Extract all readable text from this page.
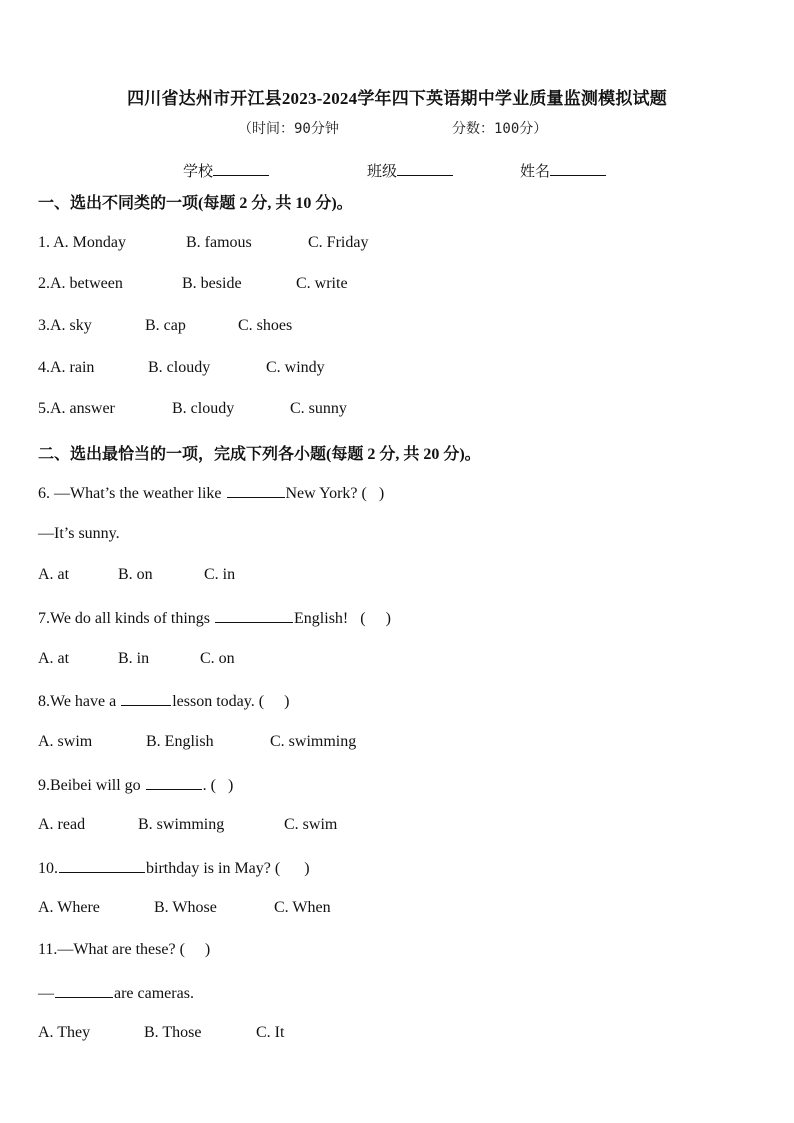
四川省达州市开江县2023-2024学年四下英语期中学业质量监测模拟试题
（时间：90分钟	分数：100分）
学校	班级	姓名
一、选出不同类的一项(每题 2 分, 共 10 分)。
1. A. Monday	B. famous	C. Friday
2.A. between	B. beside	C. write
3.A. sky	B. cap	C. shoes
4.A. rain	B. cloudy	C. windy
5.A. answer	B. cloudy	C. sunny
二、选出最恰当的一项，完成下列各小题(每题 2 分, 共 20 分)。
6. —What’s the weather like	New York? (   )
—It’s sunny.
A. at	B. on	C. in
7.We do all kinds of things	English!   (     )
A. at	B. in	C. on
8.We have a	lesson today. (     )
A. swim	B. English	C. swimming
9.Beibei will go	. (   )
A. read	B. swimming	C. swim
10.	birthday is in May? (      )
A. Where	B. Whose	C. When
11.—What are these? (     )
—	are cameras.
A. They	B. Those	C. It
